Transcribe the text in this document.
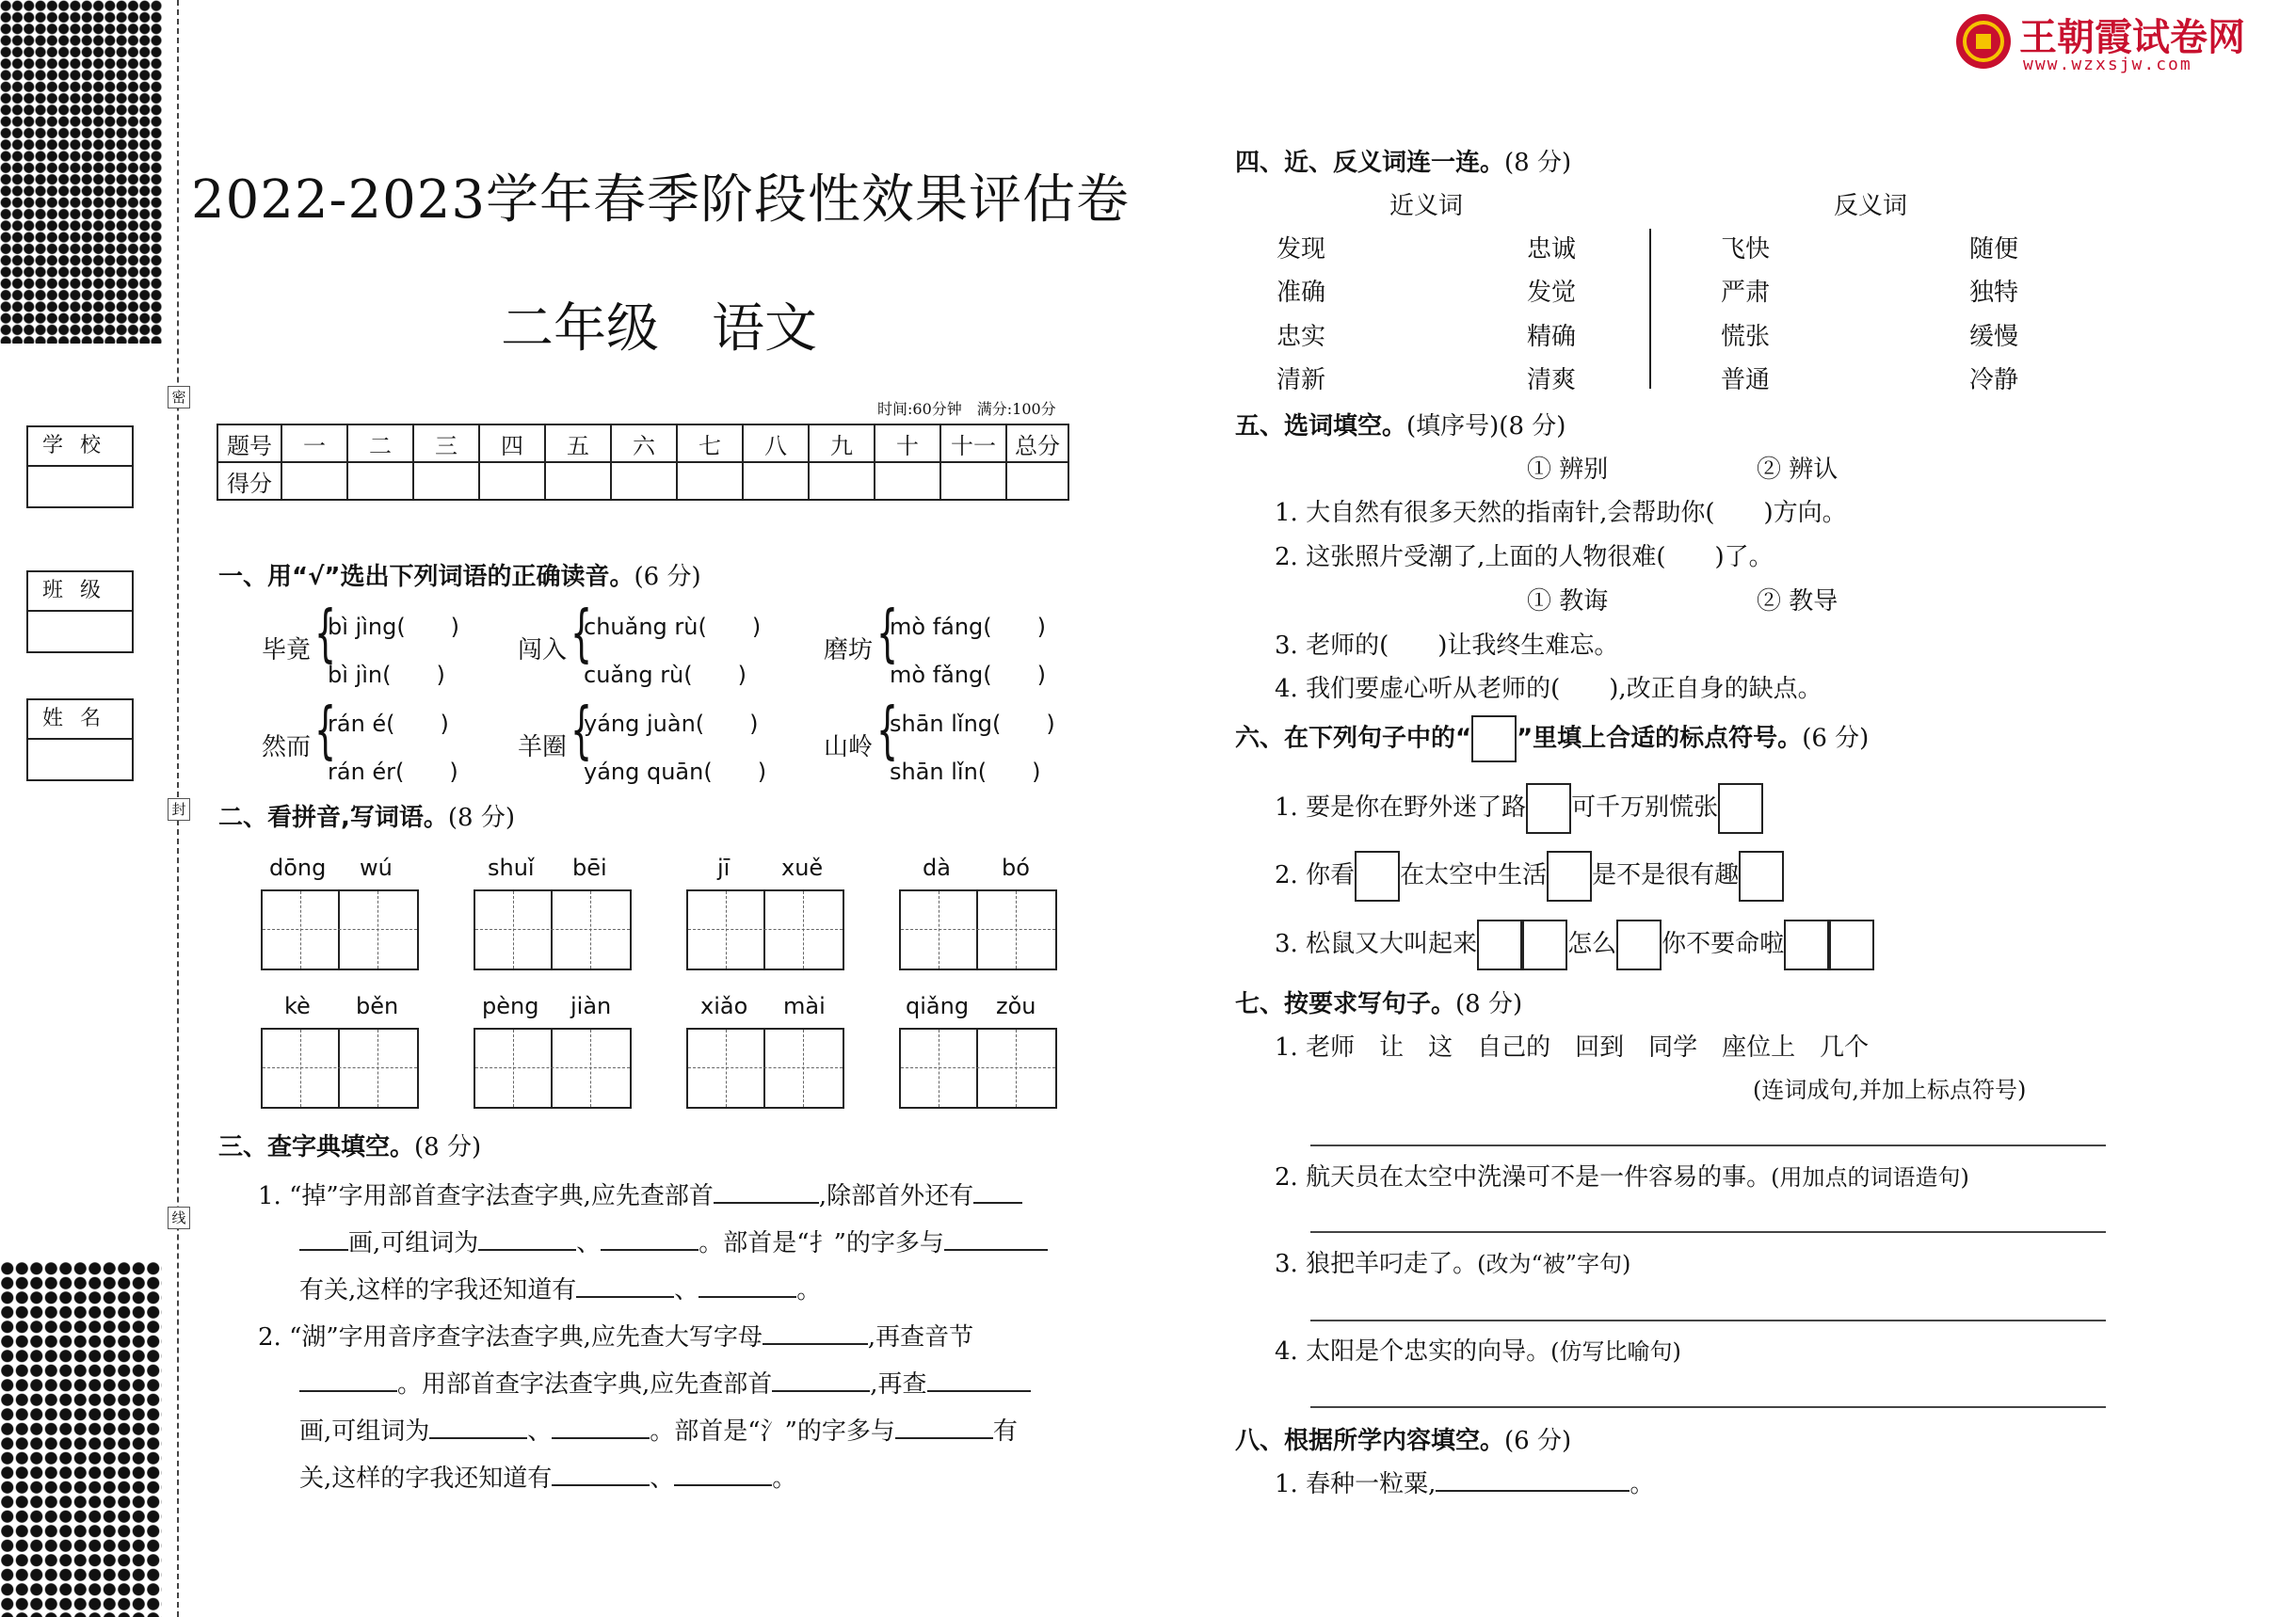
密
封
线
学校
班级
姓名
王朝霞试卷网
www.wzxsjw.com
2022-2023学年春季阶段性效果评估卷
二年级　语文
时间:60分钟　满分:100分
题号	一	二	三	四	五	六	七	八	九	十	十一	总分
得分												
一、用“√”选出下列词语的正确读音。(6 分)
毕竟 {
bì jìng(　　)
bì jìn(　　)
闯入 {
chuǎng rù(　　)
cuǎng rù(　　)
磨坊 {
mò fáng(　　)
mò fǎng(　　)
然而 {
rán é(　　)
rán ér(　　)
羊圈 {
yáng juàn(　　)
yáng quān(　　)
山岭 {
shān lǐng(　　)
shān lǐn(　　)
二、看拼音,写词语。(8 分)
dōng wú	shuǐ bēi	jī xuě	dà bó
kè běn	pèng jiàn	xiǎo mài	qiǎng zǒu
三、查字典填空。(8 分)
1. “掉”字用部首查字法查字典,应先查部首	,除部首外还有
画,可组词为	、	。部首是“扌”的字多与
有关,这样的字我还知道有	、	。
2. “湖”字用音序查字法查字典,应先查大写字母	,再查音节
。用部首查字法查字典,应先查部首	,再查
画,可组词为	、	。部首是“氵”的字多与	有
关,这样的字我还知道有	、	。
四、近、反义词连一连。(8 分)
近义词	反义词
发现
准确
忠实
清新
忠诚
发觉
精确
清爽
飞快
严肃
慌张
普通
随便
独特
缓慢
冷静
五、选词填空。(填序号)(8 分)
① 辨别	② 辨认
1. 大自然有很多天然的指南针,会帮助你(　　)方向。
2. 这张照片受潮了,上面的人物很难(　　)了。
① 教诲	② 教导
3. 老师的(　　)让我终生难忘。
4. 我们要虚心听从老师的(　　),改正自身的缺点。
六、在下列句子中的“ ”里填上合适的标点符号。(6 分)
1. 要是你在野外迷了路 可千万别慌张
2. 你看 在太空中生活 是不是很有趣
3. 松鼠又大叫起来	怎么 你不要命啦
七、按要求写句子。(8 分)
1. 老师　让　这　自己的　回到　同学　座位上　几个
(连词成句,并加上标点符号)
2. 航天员在太空中洗澡可不是一件容易的事。(用加点的词语造句)
3. 狼把羊叼走了。(改为“被”字句)
4. 太阳是个忠实的向导。(仿写比喻句)
八、根据所学内容填空。(6 分)
1. 春种一粒粟,	。
